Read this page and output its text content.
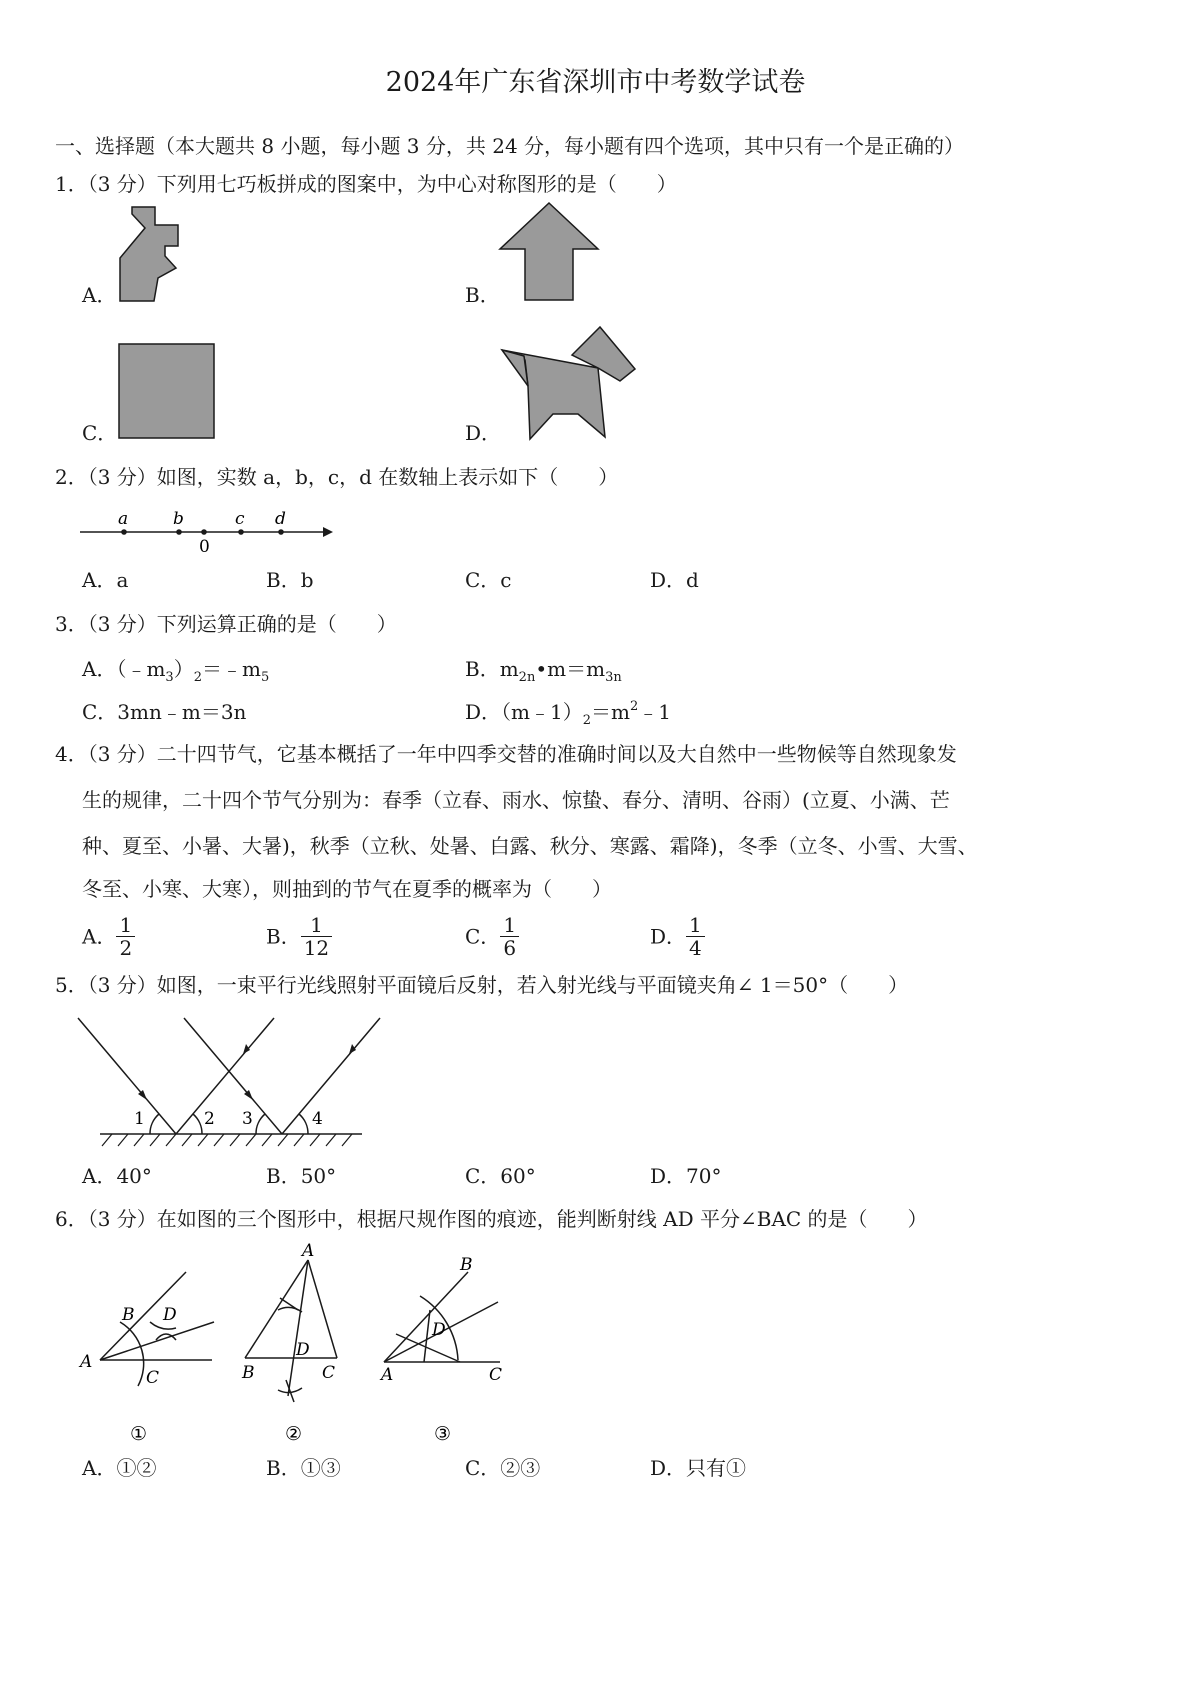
2024年广东省深圳市中考数学试卷
一、选择题（本大题共 8 小题，每小题 3 分，共 24 分，每小题有四个选项，其中只有一个是正确的）
1．（3 分）下列用七巧板拼成的图案中，为中心对称图形的是（　　）
A．	B．
C．	D．
2．（3 分）如图，实数 a，b，c，d 在数轴上表示如下（　　）
a	b	c d
0
A．a	B．b	C．c	D．d
3．（3 分）下列运算正确的是（　　）
A．$(﹣m_3)_2=﹣m_5$	B．$m_{2n}•m=m_{3n}$
C．3mn﹣m＝3n	D．$(m﹣1)_2=m^2﹣1$
4．（3 分）二十四节气，它基本概括了一年中四季交替的准确时间以及大自然中一些物候等自然现象发
生的规律，二十四个节气分别为：春季（立春、雨水、惊蛰、春分、清明、谷雨）(立夏、小满、芒
种、夏至、小暑、大暑)，秋季（立秋、处暑、白露、秋分、寒露、霜降)，冬季（立冬、小雪、大雪、
冬至、小寒、大寒），则抽到的节气在夏季的概率为（　　）
A． $\frac{1}{2}$	B． $\frac{1}{12}$	C． $\frac{1}{6}$	D． $\frac{1}{4}$
5．（3 分）如图，一束平行光线照射平面镜后反射，若入射光线与平面镜夹角∠ 1＝50°（　　）
1	2 3	4
A．40°	B．50°	C．60°	D．70°
6．（3 分）在如图的三个图形中，根据尺规作图的痕迹，能判断射线 AD 平分∠BAC 的是（　　）
A
B
C
D
①
A
B	C
D
②
A
B
C
D
③
A．①②	B．①③	C．②③	D．只有①
